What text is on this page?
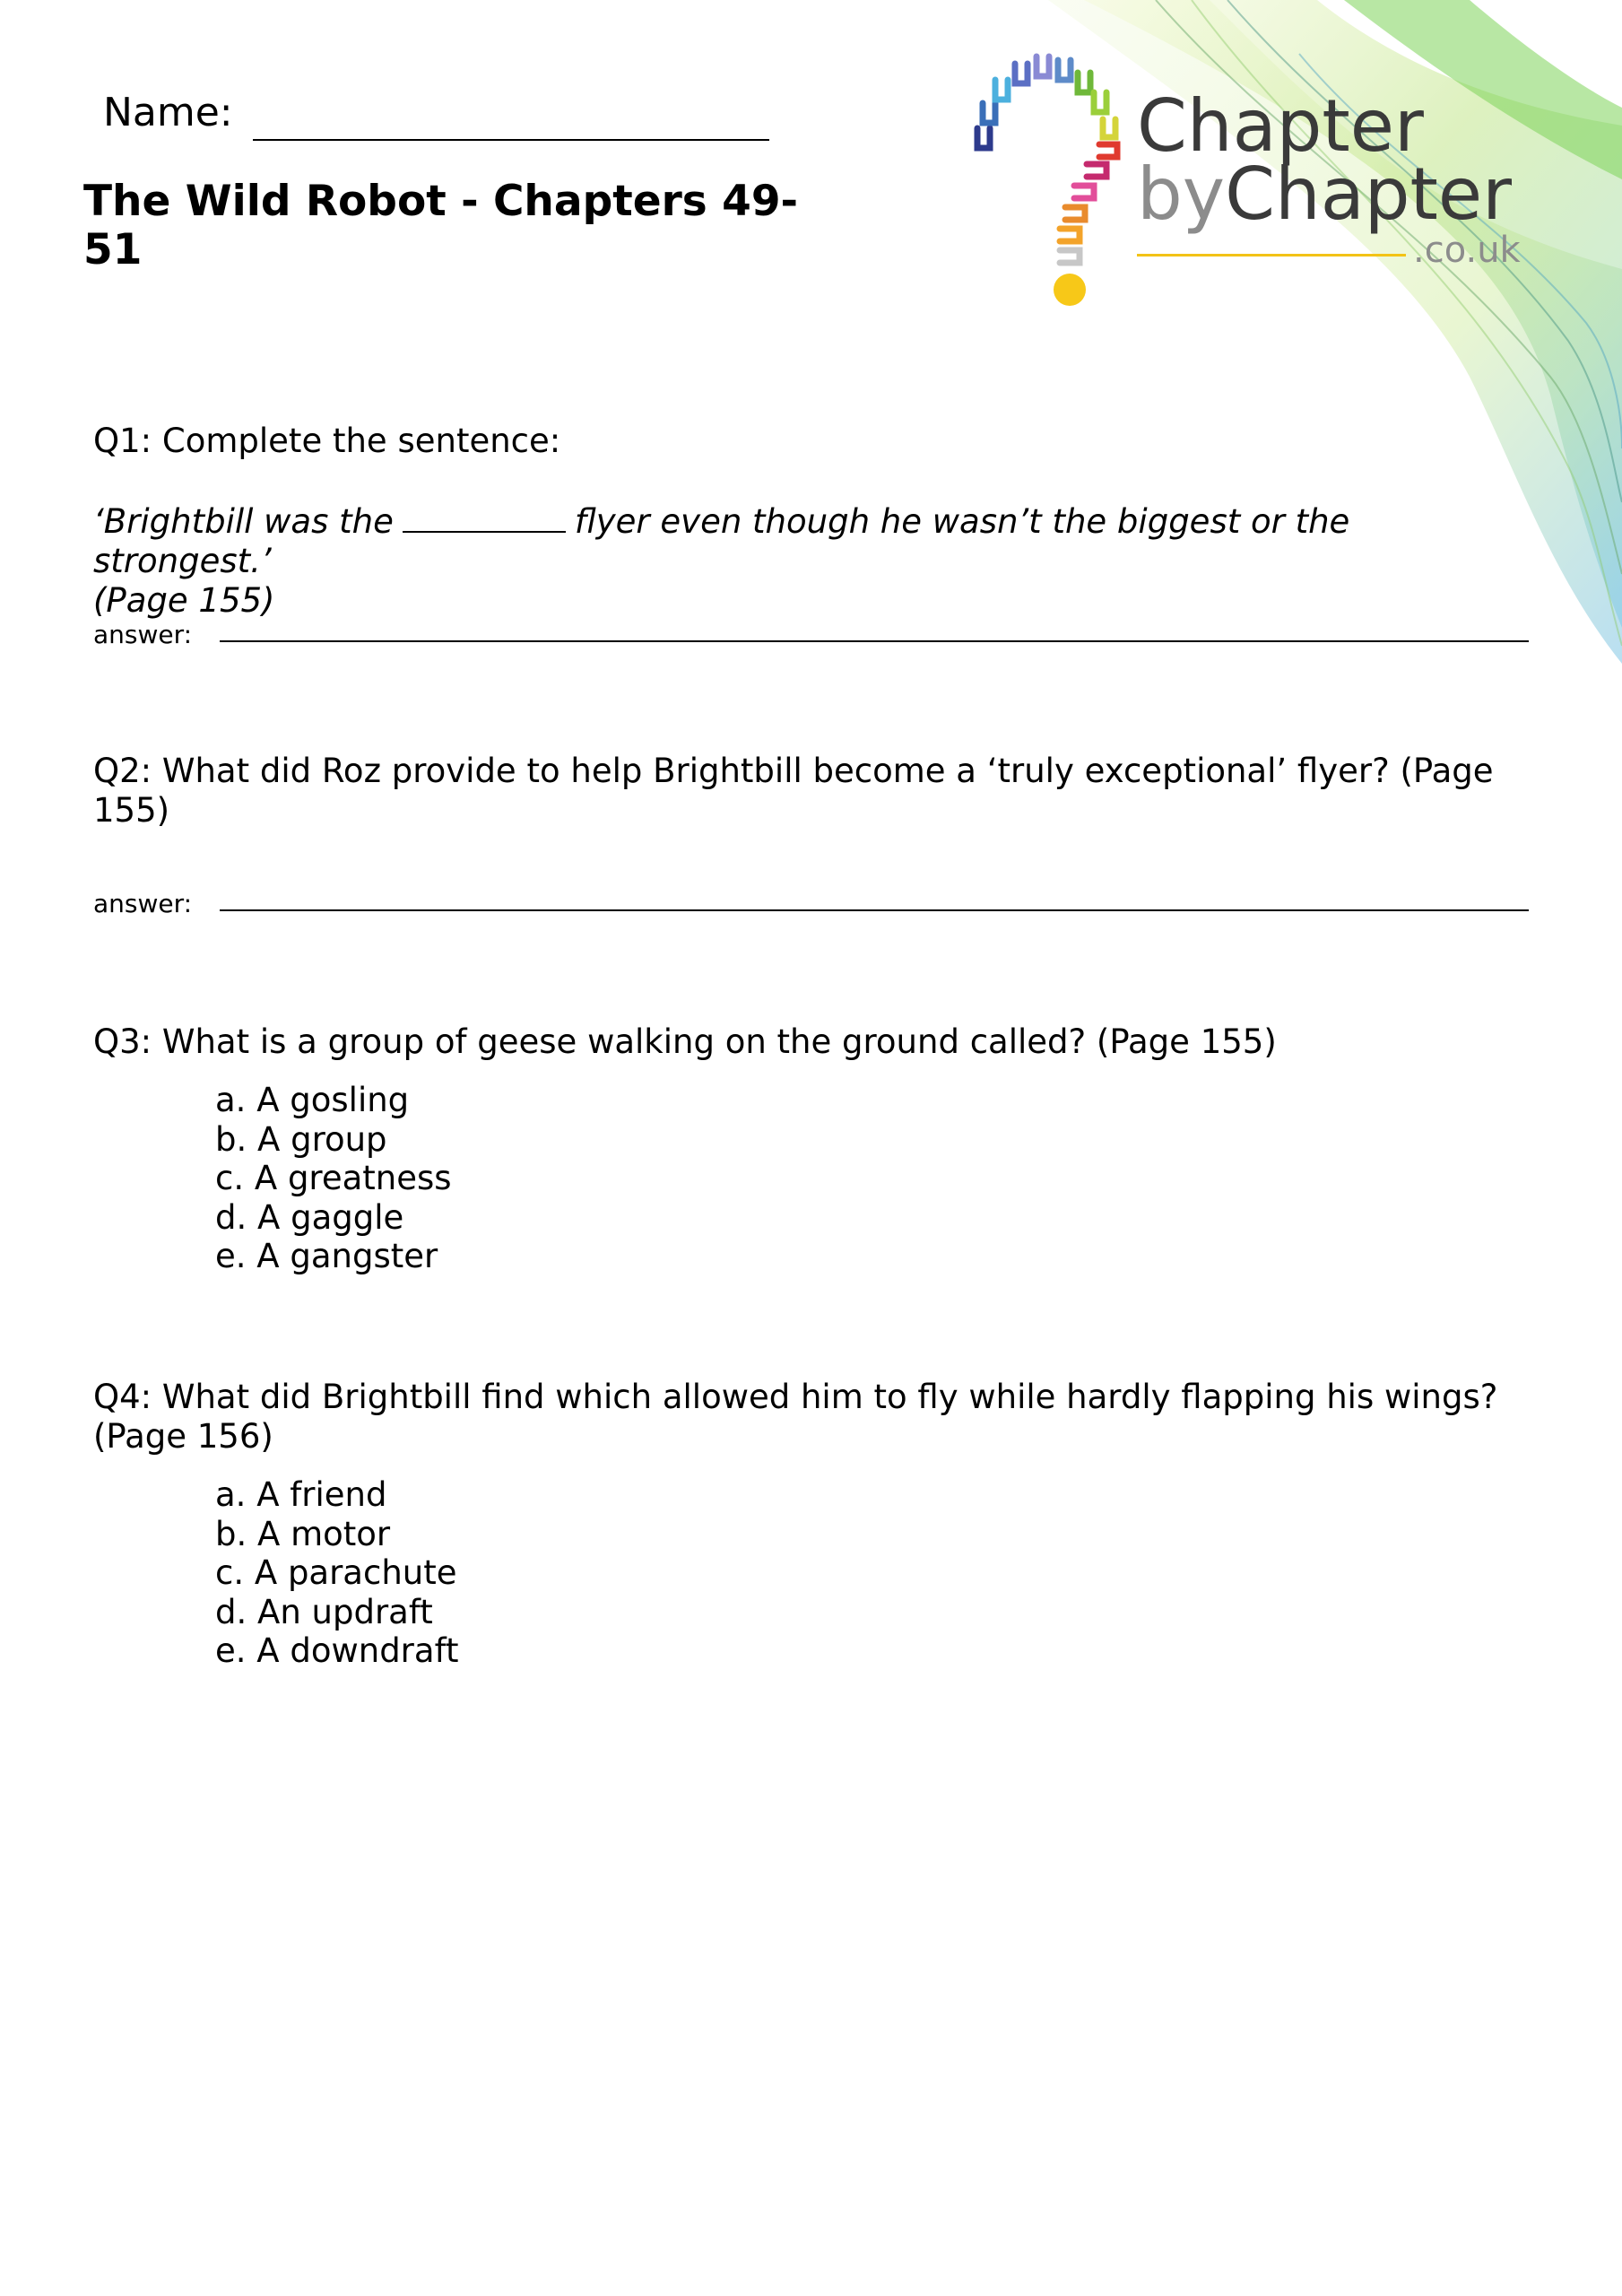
Name:
The Wild Robot - Chapters 49-51
Chapter
byChapter
.co.uk
Q1: Complete the sentence:
‘Brightbill was the	flyer even though he wasn’t the biggest or the strongest.’
(Page 155)
answer:
Q2: What did Roz provide to help Brightbill become a ‘truly exceptional’ flyer? (Page 155)
answer:
Q3: What is a group of geese walking on the ground called? (Page 155)
a. A gosling
b. A group
c. A greatness
d. A gaggle
e. A gangster
Q4: What did Brightbill find which allowed him to fly while hardly flapping his wings? (Page 156)
a. A friend
b. A motor
c. A parachute
d. An updraft
e. A downdraft
